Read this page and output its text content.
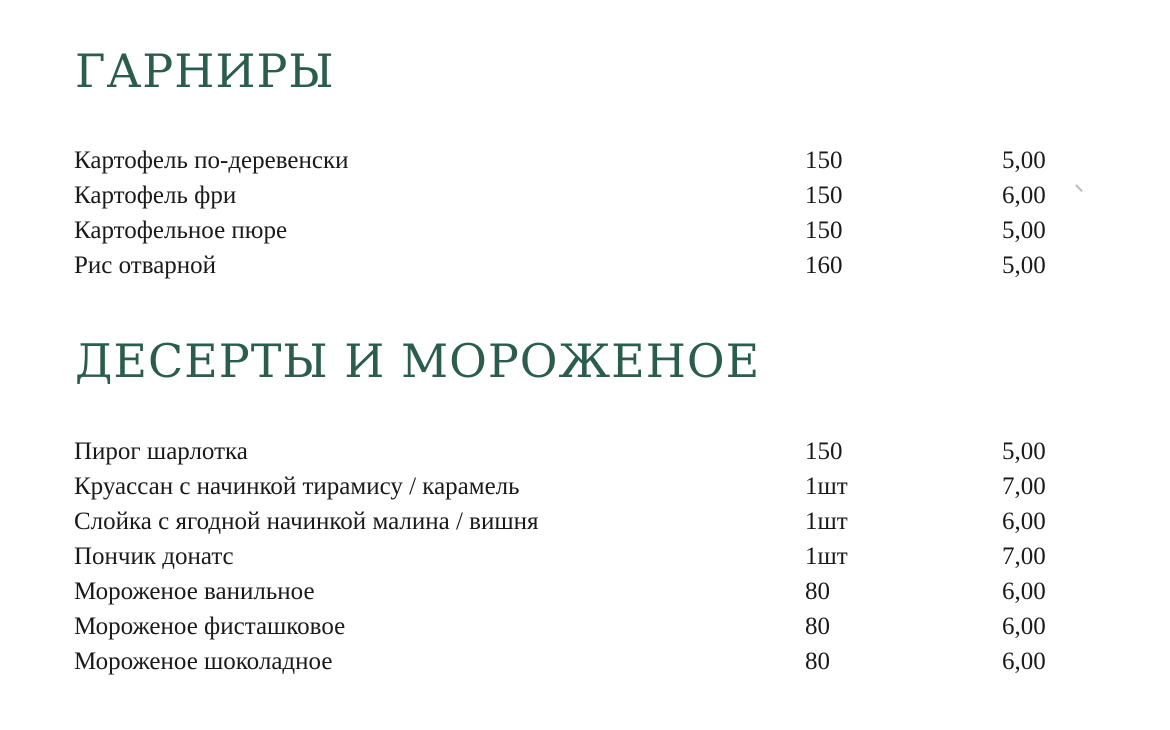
ГАРНИРЫ
Картофель по-деревенски	150	5,00
Картофель фри	150	6,00
Картофельное пюре	150	5,00
Рис отварной	160	5,00
ДЕСЕРТЫ И МОРОЖЕНОЕ
Пирог шарлотка	150	5,00
Круассан с начинкой тирамису / карамель	1шт	7,00
Слойка с ягодной начинкой малина / вишня	1шт	6,00
Пончик донатс	1шт	7,00
Мороженое ванильное	80	6,00
Мороженое фисташковое	80	6,00
Мороженое шоколадное	80	6,00
